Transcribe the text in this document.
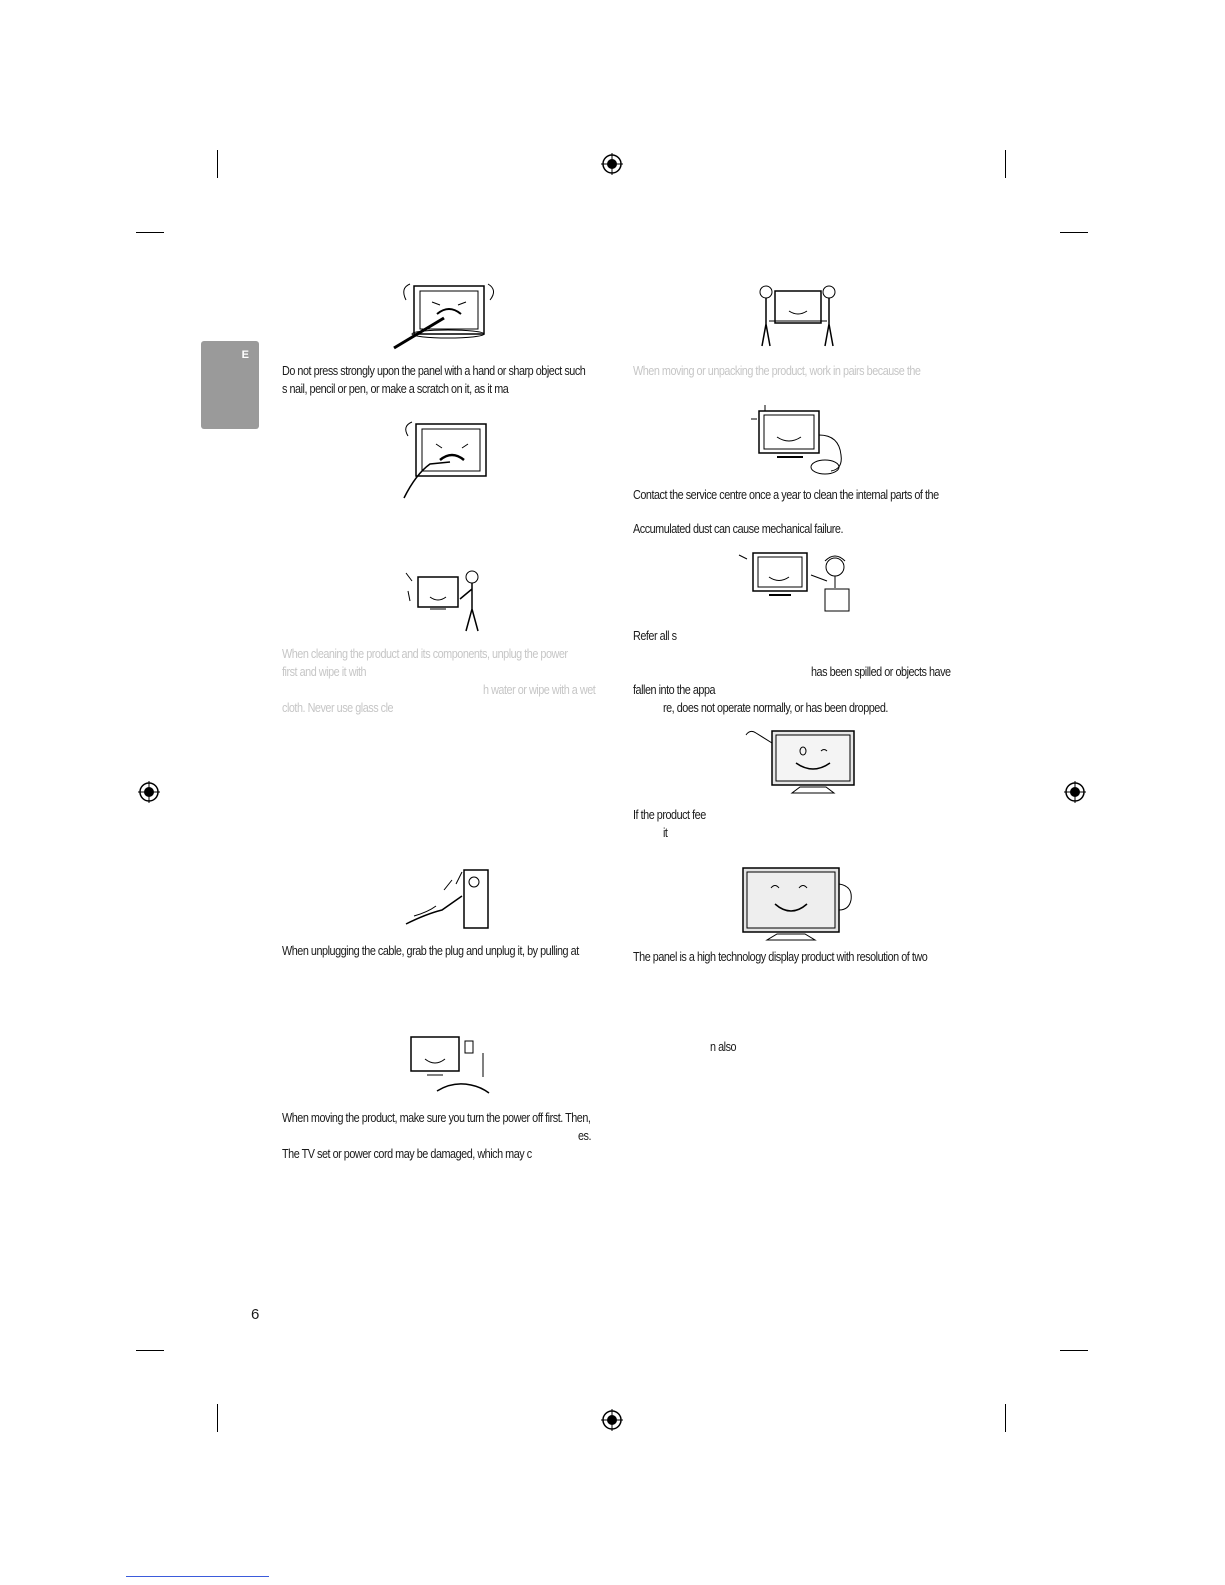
E
Do not press strongly upon the panel with a hand or sharp object such
s nail, pencil or pen, or make a scratch on it, as it ma
When cleaning the product and its components, unplug the power
first and wipe it with
h water or wipe with a wet
cloth. Never use glass cle
When unplugging the cable, grab the plug and unplug it, by pulling at
When moving the product, make sure you turn the power off first. Then,
es.
The TV set or power cord may be damaged, which may c
When moving or unpacking the product, work in pairs because the
Contact the service centre once a year to clean the internal parts of the
Accumulated dust can cause mechanical failure.
Refer all s
has been spilled or objects have
fallen into the appa
re, does not operate normally, or has been dropped.
If the product fee
it
The panel is a high technology display product with resolution of two
n also
6
